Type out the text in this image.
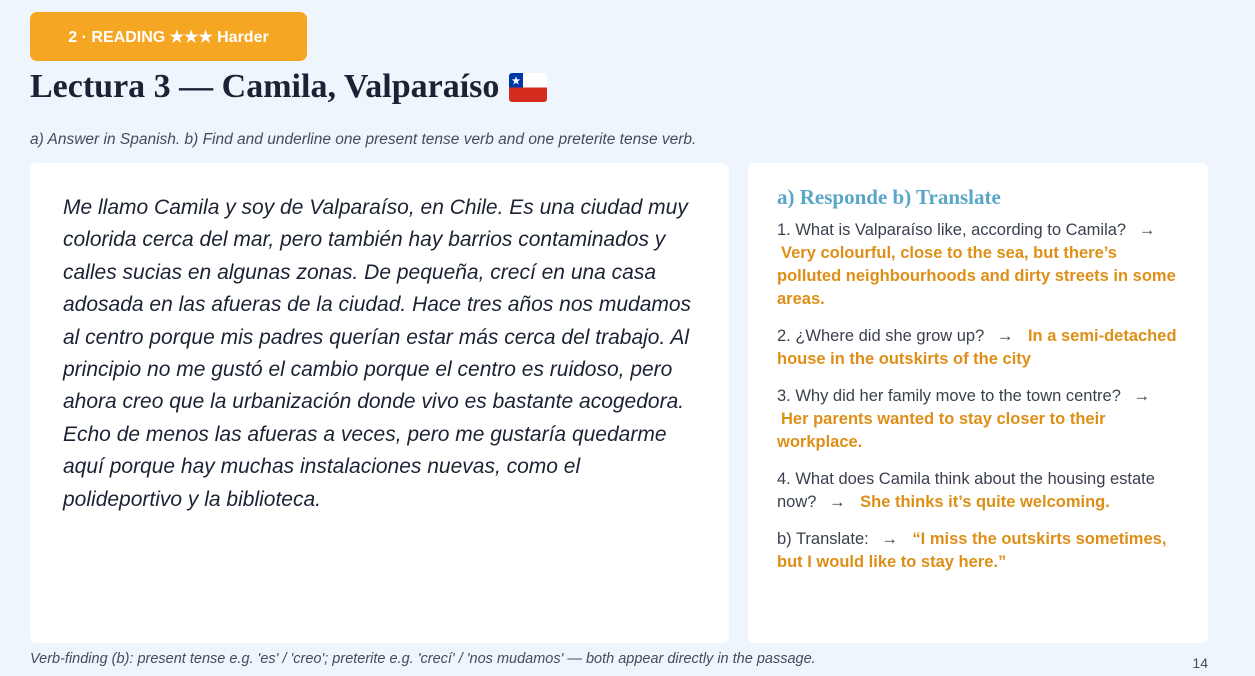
2 · READING ★★★ Harder
Lectura 3 — Camila, Valparaíso
a) Answer in Spanish. b) Find and underline one present tense verb and one preterite tense verb.

Me llamo Camila y soy de Valparaíso, en Chile. Es una ciudad muy colorida cerca del mar, pero también hay barrios contaminados y calles sucias en algunas zonas. De pequeña, crecí en una casa adosada en las afueras de la ciudad. Hace tres años nos mudamos al centro porque mis padres querían estar más cerca del trabajo. Al principio no me gustó el cambio porque el centro es ruidoso, pero ahora creo que la urbanización donde vivo es bastante acogedora. Echo de menos las afueras a veces, pero me gustaría quedarme aquí porque hay muchas instalaciones nuevas, como el polideportivo y la biblioteca.

a) Responde b) Translate

1. What is Valparaíso like, according to Camila? → Very colourful, close to the sea, but there’s polluted neighbourhoods and dirty streets in some areas.

2. ¿Where did she grow up? → In a semi-detached house in the outskirts of the city

3. Why did her family move to the town centre? → Her parents wanted to stay closer to their workplace.

4. What does Camila think about the housing estate now? → She thinks it’s quite welcoming.

b) Translate: → “I miss the outskirts sometimes, but I would like to stay here.”

Verb-finding (b): present tense e.g. 'es' / 'creo'; preterite e.g. 'crecí' / 'nos mudamos' — both appear directly in the passage.	14
